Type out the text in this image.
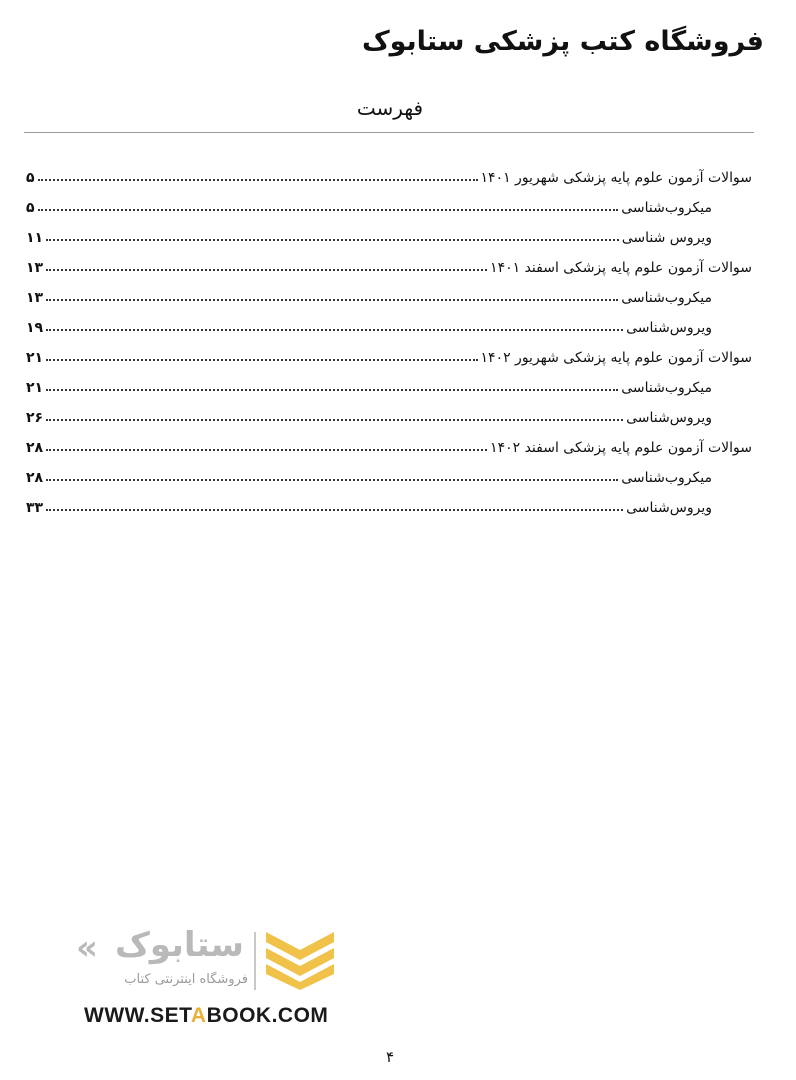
فروشگاه کتب پزشکی ستابوک
فهرست
سوالات آزمون علوم پایه پزشکی شهریور ۱۴۰۱
۵
میکروب‌شناسی
۵
ویروس شناسی
۱۱
سوالات آزمون علوم پایه پزشکی اسفند ۱۴۰۱
۱۳
میکروب‌شناسی
۱۳
ویروس‌شناسی
۱۹
سوالات آزمون علوم پایه پزشکی شهریور ۱۴۰۲
۲۱
میکروب‌شناسی
۲۱
ویروس‌شناسی
۲۶
سوالات آزمون علوم پایه پزشکی اسفند ۱۴۰۲
۲۸
میکروب‌شناسی
۲۸
ویروس‌شناسی
۳۳
« ستابوک
فروشگاه اینترنتی کتاب
WWW.SETABOOK.COM
۴
